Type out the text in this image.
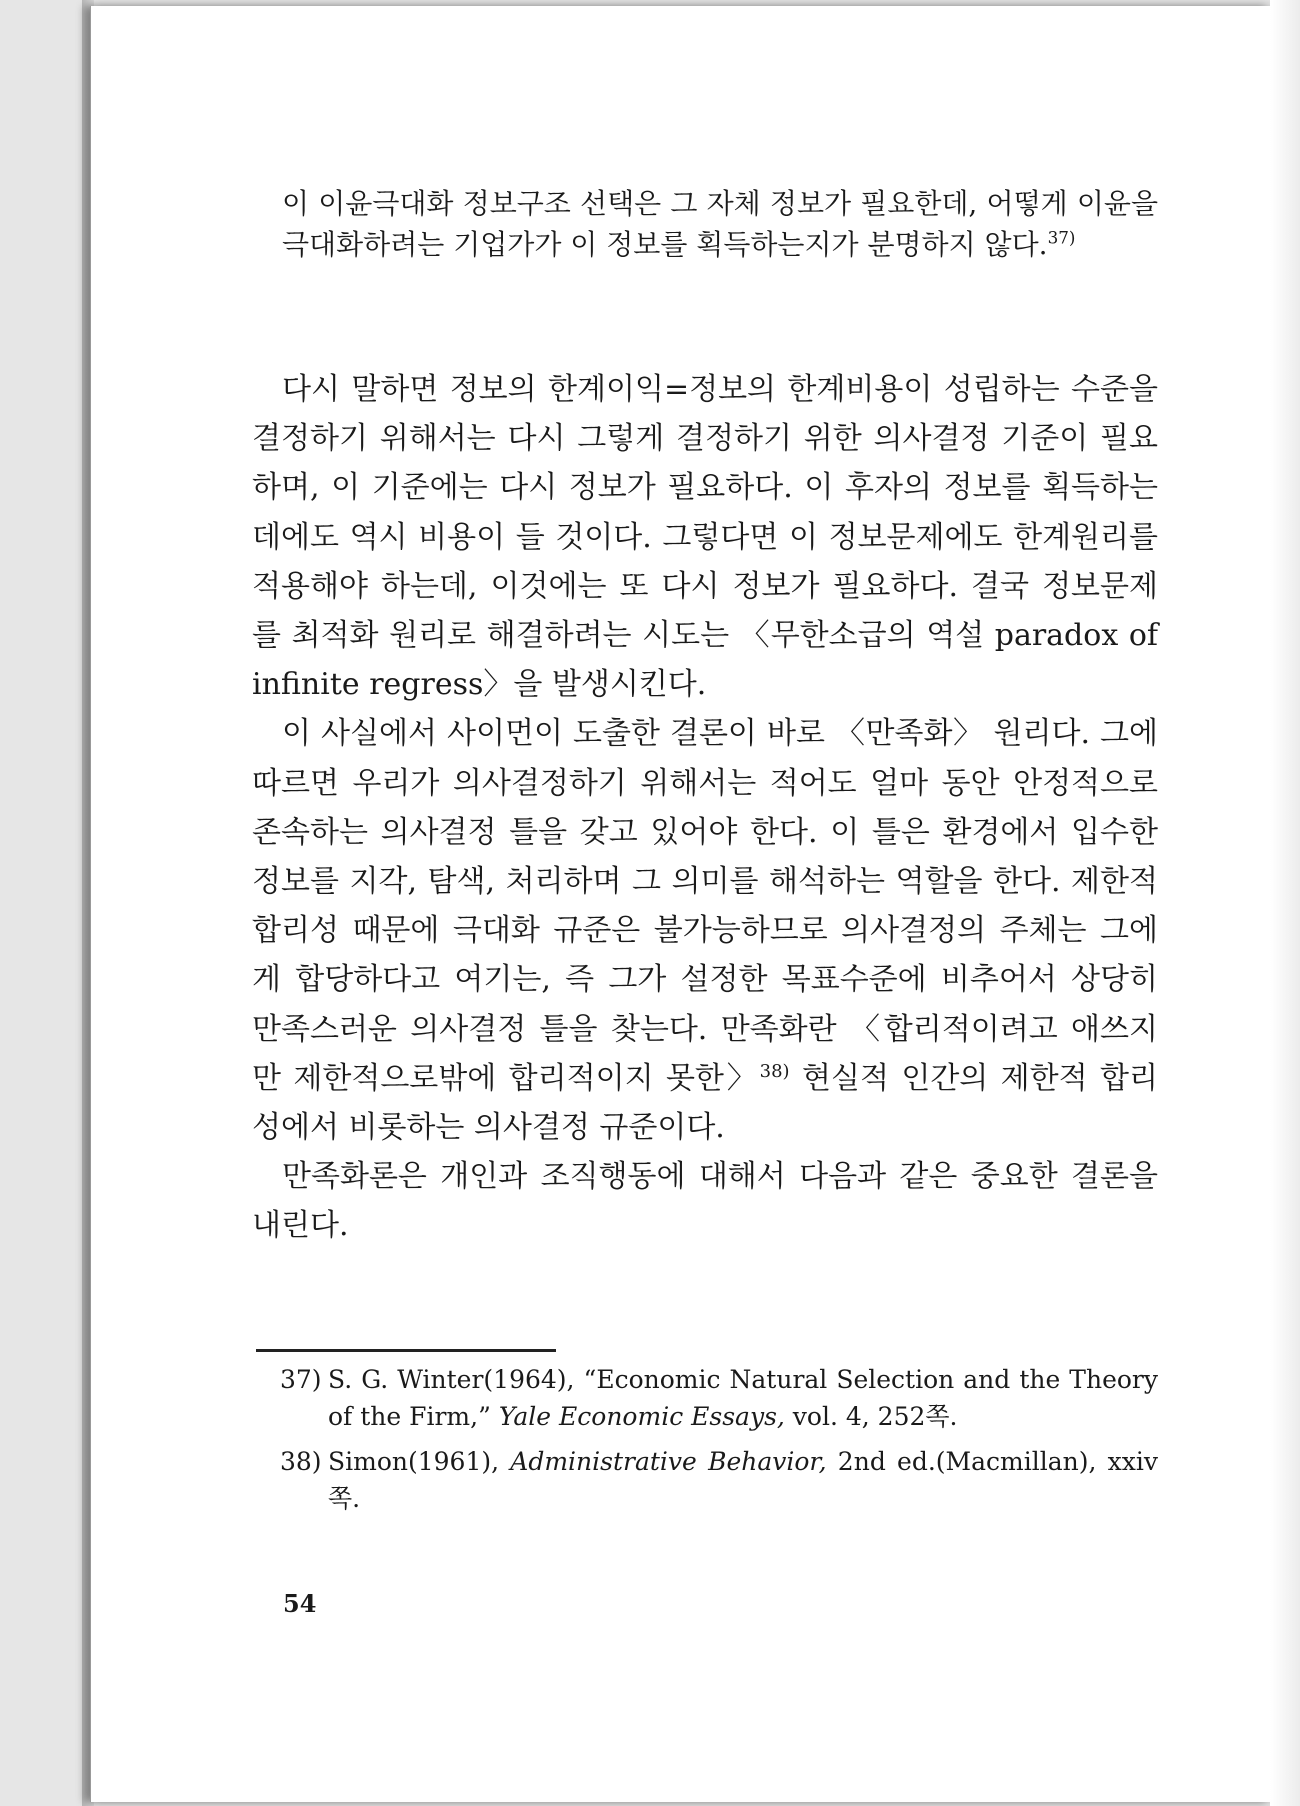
이 이윤극대화 정보구조 선택은 그 자체 정보가 필요한데, 어떻게 이윤을 극대화하려는 기업가가 이 정보를 획득하는지가 분명하지 않다.$^{37)}$

다시 말하면 정보의 한계이익=정보의 한계비용이 성립하는 수준을 결정하기 위해서는 다시 그렇게 결정하기 위한 의사결정 기준이 필요하며, 이 기준에는 다시 정보가 필요하다. 이 후자의 정보를 획득하는 데에도 역시 비용이 들 것이다. 그렇다면 이 정보문제에도 한계원리를 적용해야 하는데, 이것에는 또 다시 정보가 필요하다. 결국 정보문제를 최적화 원리로 해결하려는 시도는 〈무한소급의 역설 paradox of infinite regress〉을 발생시킨다.

이 사실에서 사이먼이 도출한 결론이 바로 〈만족화〉 원리다. 그에 따르면 우리가 의사결정하기 위해서는 적어도 얼마 동안 안정적으로 존속하는 의사결정 틀을 갖고 있어야 한다. 이 틀은 환경에서 입수한 정보를 지각, 탐색, 처리하며 그 의미를 해석하는 역할을 한다. 제한적 합리성 때문에 극대화 규준은 불가능하므로 의사결정의 주체는 그에게 합당하다고 여기는, 즉 그가 설정한 목표수준에 비추어서 상당히 만족스러운 의사결정 틀을 찾는다. 만족화란 〈합리적이려고 애쓰지만 제한적으로밖에 합리적이지 못한〉$^{38)}$ 현실적 인간의 제한적 합리성에서 비롯하는 의사결정 규준이다.

만족화론은 개인과 조직행동에 대해서 다음과 같은 중요한 결론을 내린다.

37) S. G. Winter(1964), “Economic Natural Selection and the Theory of the Firm,” Yale Economic Essays, vol. 4, 252쪽.
38) Simon(1961), Administrative Behavior, 2nd ed.(Macmillan), xxiv쪽.
54
